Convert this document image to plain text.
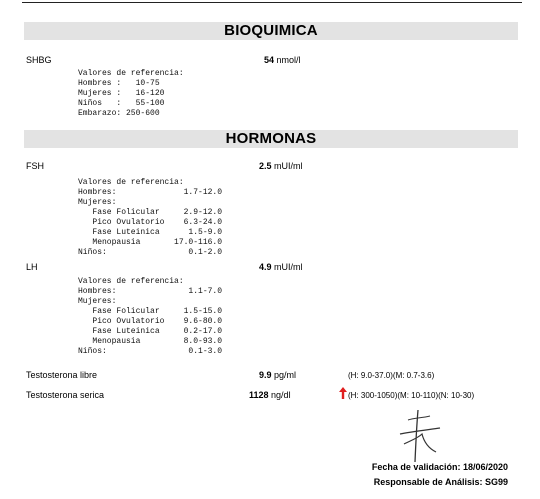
BIOQUIMICA
SHBG	54 nmol/l
Valores de referencia:
Hombres :   10-75
Mujeres :   16-120
Niños   :   55-100
Embarazo: 250-600
HORMONAS
FSH	2.5 mUI/ml
Valores de referencia:
Hombres:              1.7-12.0
Mujeres:
Fase Folicular     2.9-12.0
Pico Ovulatorio    6.3-24.0
Fase Luteinica      1.5-9.0
Menopausia       17.0-116.0
Niños:                 0.1-2.0
LH	4.9 mUI/ml
Valores de referencia:
Hombres:               1.1-7.0
Mujeres:
Fase Folicular     1.5-15.0
Pico Ovulatorio    9.6-80.0
Fase Luteinica     0.2-17.0
Menopausia         8.0-93.0
Niños:                 0.1-3.0
Testosterona libre	9.9 pg/ml	(H: 9.0-37.0)(M: 0.7-3.6)
Testosterona serica	1128 ng/dl	(H: 300-1050)(M: 10-110)(N: 10-30)
Fecha de validación: 18/06/2020
Responsable de Análisis: SG99
